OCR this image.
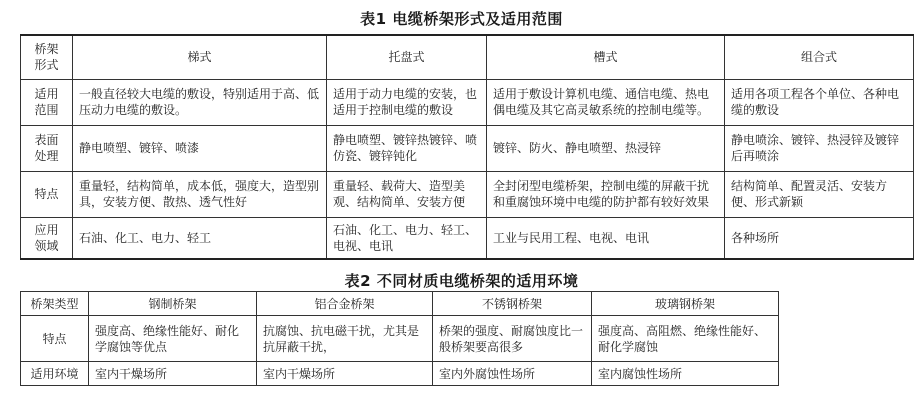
表1 电缆桥架形式及适用范围
桥架
形式	梯式	托盘式	槽式	组合式
适用
范围	一般直径较大电缆的敷设，特别适用于高、低压动力电缆的敷设。	适用于动力电缆的安装，也适用于控制电缆的敷设	适用于敷设计算机电缆、通信电缆、热电偶电缆及其它高灵敏系统的控制电缆等。	适用各项工程各个单位、各种电缆的敷设
表面
处理	静电喷塑、镀锌、喷漆	静电喷塑、镀锌热镀锌、喷仿瓷、镀锌钝化	镀锌、防火、静电喷塑、热浸锌	静电喷涂、镀锌、热浸锌及镀锌后再喷涂
特点	重量轻，结构简单，成本低，强度大，造型别具，安装方便、散热、透气性好	重量轻、载荷大、造型美观、结构简单、安装方便	全封闭型电缆桥架，控制电缆的屏蔽干扰和重腐蚀环境中电缆的防护都有较好效果	结构简单、配置灵活、安装方便、形式新颖
应用
领域	石油、化工、电力、轻工	石油、化工、电力、轻工、电视、电讯	工业与民用工程、电视、电讯	各种场所
表2 不同材质电缆桥架的适用环境
桥架类型	钢制桥架	铝合金桥架	不锈钢桥架	玻璃钢桥架
特点	强度高、绝缘性能好、耐化学腐蚀等优点	抗腐蚀、抗电磁干扰，尤其是抗屏蔽干扰，	桥架的强度、耐腐蚀度比一般桥架要高很多	强度高、高阻燃、绝缘性能好、耐化学腐蚀
适用环境	室内干燥场所	室内干燥场所	室内外腐蚀性场所	室内腐蚀性场所
